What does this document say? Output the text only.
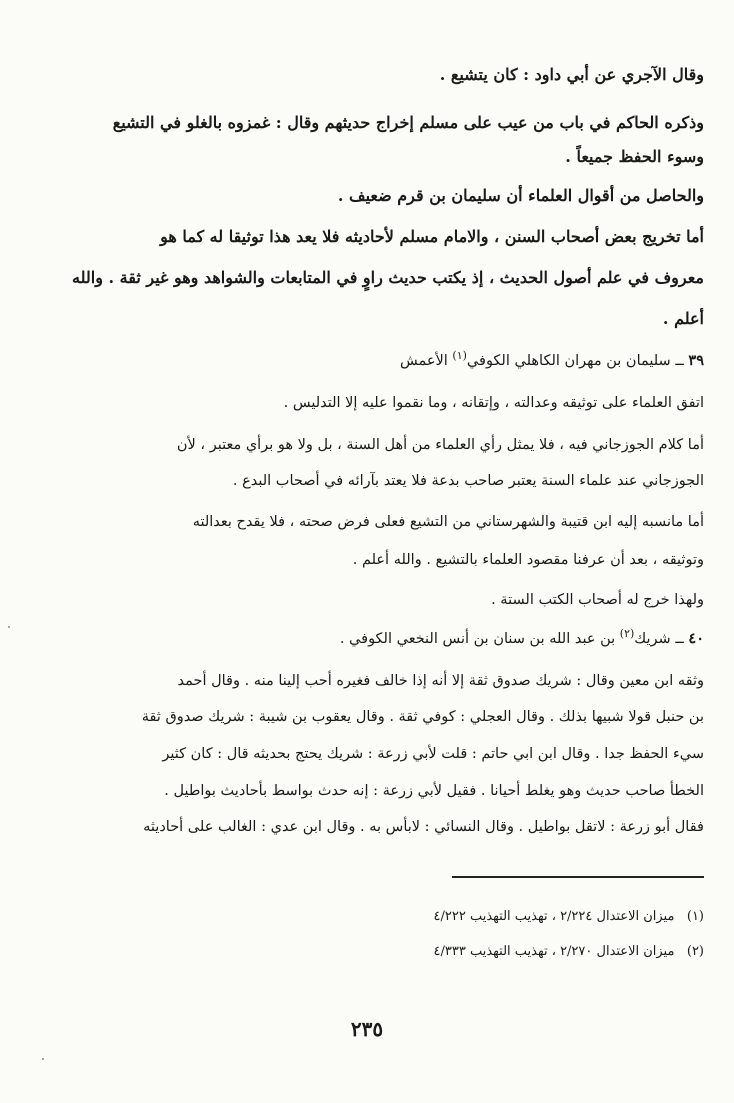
وقال الآجري عن أبي داود : كان يتشيع .
وذكره الحاكم في باب من عيب على مسلم إخراج حديثهم وقال : غمزوه بالغلو في التشيع
وسوء الحفظ جميعاً .
والحاصل من أقوال العلماء أن سليمان بن قرم ضعيف .
أما تخريج بعض أصحاب السنن ، والامام مسلم لأحاديثه فلا يعد هذا توثيقا له كما هو
معروف في علم أصول الحديث ، إذ يكتب حديث راوٍ في المتابعات والشواهد وهو غير ثقة . والله
أعلم .
٣٩ ــ سليمان بن مهران الكاهلي الكوفي$^{(١)}$ الأعمش
اتفق العلماء على توثيقه وعدالته ، وإتقانه ، وما نقموا عليه إلا التدليس .
أما كلام الجوزجاني فيه ، فلا يمثل رأي العلماء من أهل السنة ، بل ولا هو برأي معتبر ، لأن
الجوزجاني عند علماء السنة يعتبر صاحب بدعة فلا يعتد بآرائه في أصحاب البدع .
أما مانسبه إليه ابن قتيبة والشهرستاني من التشيع فعلى فرض صحته ، فلا يقدح بعدالته
وتوثيقه ، بعد أن عرفنا مقصود العلماء بالتشيع . والله أعلم .
ولهذا خرج له أصحاب الكتب الستة .
٤٠ ــ شريك$^{(٢)}$ بن عبد الله بن سنان بن أنس النخعي الكوفي .
وثقه ابن معين وقال : شريك صدوق ثقة إلا أنه إذا خالف فغيره أحب إلينا منه . وقال أحمد
بن حنبل قولا شبيها بذلك . وقال العجلي : كوفي ثقة . وقال يعقوب بن شيبة : شريك صدوق ثقة
سيء الحفظ جدا . وقال ابن ابي حاتم : قلت لأبي زرعة : شريك يحتج بحديثه قال : كان كثير
الخطأ صاحب حديث وهو يغلط أحيانا . فقيل لأبي زرعة : إنه حدث بواسط بأحاديث بواطيل .
فقال أبو زرعة : لاتقل بواطيل . وقال النسائي : لابأس به . وقال ابن عدي : الغالب على أحاديثه
(١)   ميزان الاعتدال ٢/٢٢٤ ، تهذيب التهذيب ٤/٢٢٢
(٢)   ميزان الاعتدال ٢/٢٧٠ ، تهذيب التهذيب ٤/٣٣٣
٢٣٥
